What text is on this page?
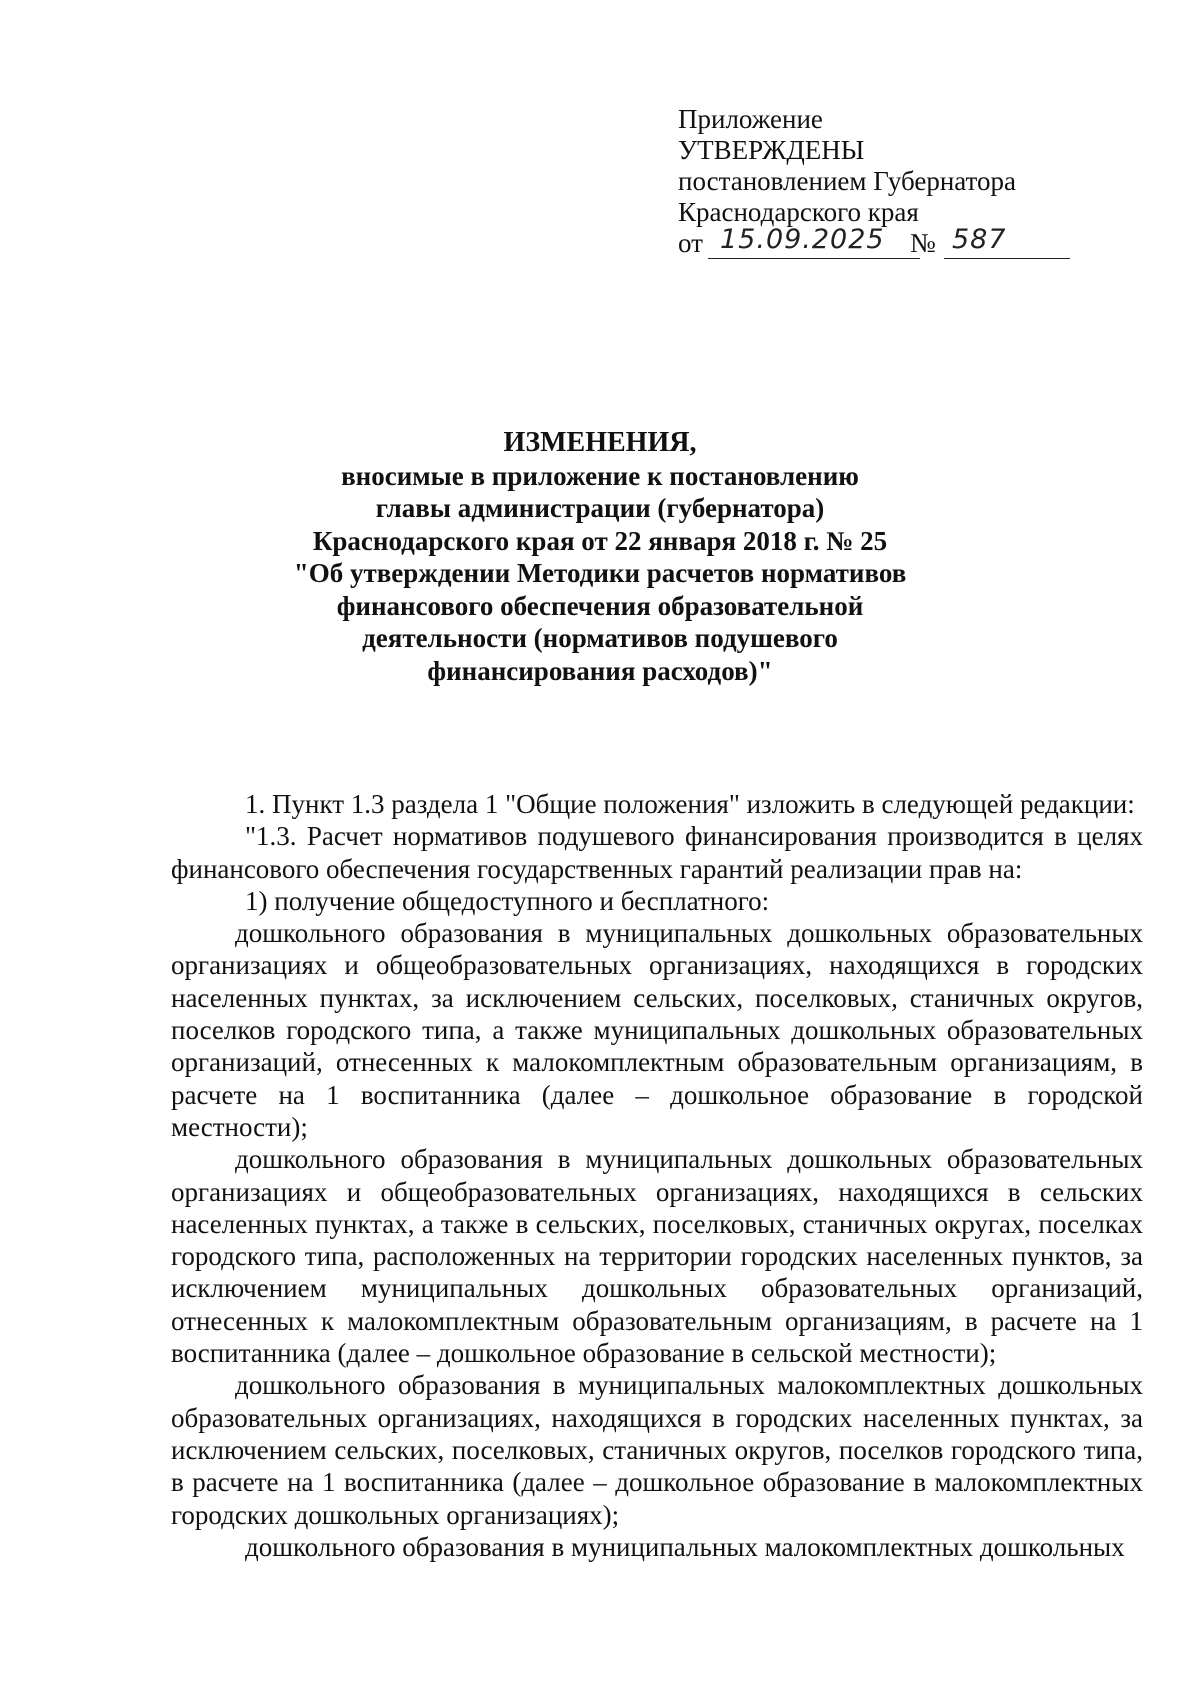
Приложение

УТВЕРЖДЕНЫ

постановлением Губернатора

Краснодарского края

от 15.09.2025 № 587

ИЗМЕНЕНИЯ,

вносимые в приложение к постановлению

главы администрации (губернатора)

Краснодарского края от 22 января 2018 г. № 25

"Об утверждении Методики расчетов нормативов

финансового обеспечения образовательной

деятельности (нормативов подушевого

финансирования расходов)"

1. Пункт 1.3 раздела 1 "Общие положения" изложить в следующей редакции:

"1.3. Расчет нормативов подушевого финансирования производится в целях финансового обеспечения государственных гарантий реализации прав на:

1) получение общедоступного и бесплатного:

дошкольного образования в муниципальных дошкольных образовательных организациях и общеобразовательных организациях, находящихся в городских населенных пунктах, за исключением сельских, поселковых, станичных округов, поселков городского типа, а также муниципальных дошкольных образовательных организаций, отнесенных к малокомплектным образовательным организациям, в расчете на 1 воспитанника (далее – дошкольное образование в городской местности);

дошкольного образования в муниципальных дошкольных образовательных организациях и общеобразовательных организациях, находящихся в сельских населенных пунктах, а также в сельских, поселковых, станичных округах, поселках городского типа, расположенных на территории городских населенных пунктов, за исключением муниципальных дошкольных образовательных организаций, отнесенных к малокомплектным образовательным организациям, в расчете на 1 воспитанника (далее – дошкольное образование в сельской местности);

дошкольного образования в муниципальных малокомплектных дошкольных образовательных организациях, находящихся в городских населенных пунктах, за исключением сельских, поселковых, станичных округов, поселков городского типа, в расчете на 1 воспитанника (далее – дошкольное образование в малокомплектных городских дошкольных организациях);

дошкольного образования в муниципальных малокомплектных дошкольных
